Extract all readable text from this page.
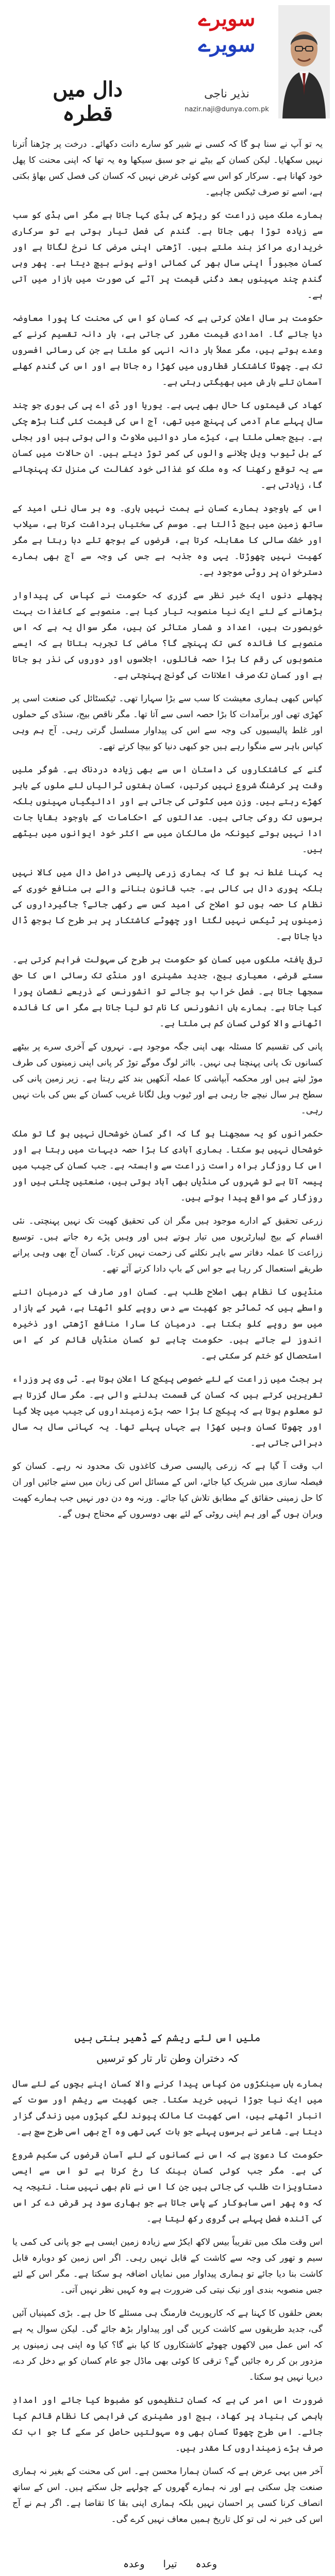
دال میں قطرہ
سویرے
سویرے
نذیر ناجی
nazir.naji@dunya.com.pk

یہ تو آپ نے سنا ہو گا کہ کسی نے شیر کو سارے دانت دکھائے۔ درخت پر چڑھنا اُترنا نہیں سکھایا۔ لیکن کسان کے بیٹے نے جو سبق سیکھا وہ یہ تھا کہ اپنی محنت کا پھل خود کھانا ہے۔ سرکار کو اس سے کوئی غرض نہیں کہ کسان کی فصل کس بھاؤ بکتی ہے، اسے تو صرف ٹیکس چاہیے۔

ہمارے ملک میں زراعت کو ریڑھ کی ہڈی کہا جاتا ہے مگر اسی ہڈی کو سب سے زیادہ توڑا بھی جاتا ہے۔ گندم کی فصل تیار ہوتی ہے تو سرکاری خریداری مراکز بند ملتے ہیں۔ آڑھتی اپنی مرضی کا نرخ لگاتا ہے اور کسان مجبوراً اپنی سال بھر کی کمائی اونے پونے بیچ دیتا ہے۔ پھر وہی گندم چند مہینوں بعد دگنی قیمت پر آٹے کی صورت میں بازار میں آتی ہے۔

حکومت ہر سال اعلان کرتی ہے کہ کسان کو اس کی محنت کا پورا معاوضہ دیا جائے گا۔ امدادی قیمت مقرر کی جاتی ہے، بار دانہ تقسیم کرنے کے وعدے ہوتے ہیں، مگر عملاً بار دانہ انہی کو ملتا ہے جن کی رسائی افسروں تک ہے۔ چھوٹا کاشتکار قطاروں میں کھڑا رہ جاتا ہے اور اس کی گندم کھلے آسمان تلے بارش میں بھیگتی رہتی ہے۔

کھاد کی قیمتوں کا حال بھی یہی ہے۔ یوریا اور ڈی اے پی کی بوری جو چند سال پہلے عام آدمی کی پہنچ میں تھی، آج اس کی قیمت کئی گنا بڑھ چکی ہے۔ بیج جعلی ملتا ہے، کیڑے مار دوائیں ملاوٹ والی ہوتی ہیں اور بجلی کے بل ٹیوب ویل چلانے والوں کی کمر توڑ دیتے ہیں۔ ان حالات میں کسان سے یہ توقع رکھنا کہ وہ ملک کو غذائی خود کفالت کی منزل تک پہنچائے گا، زیادتی ہے۔

اس کے باوجود ہمارے کسان نے ہمت نہیں ہاری۔ وہ ہر سال نئی امید کے ساتھ زمین میں بیج ڈالتا ہے۔ موسم کی سختیاں برداشت کرتا ہے، سیلاب اور خشک سالی کا مقابلہ کرتا ہے، قرضوں کے بوجھ تلے دبا رہتا ہے مگر کھیت نہیں چھوڑتا۔ یہی وہ جذبہ ہے جس کی وجہ سے آج بھی ہمارے دسترخوان پر روٹی موجود ہے۔

پچھلے دنوں ایک خبر نظر سے گزری کہ حکومت نے کپاس کی پیداوار بڑھانے کے لئے ایک نیا منصوبہ تیار کیا ہے۔ منصوبے کے کاغذات بہت خوبصورت ہیں، اعداد و شمار متاثر کن ہیں، مگر سوال یہ ہے کہ اس منصوبے کا فائدہ کس تک پہنچے گا؟ ماضی کا تجربہ بتاتا ہے کہ ایسے منصوبوں کی رقم کا بڑا حصہ فائلوں، اجلاسوں اور دوروں کی نذر ہو جاتا ہے اور کسان تک صرف اعلانات کی گونج پہنچتی ہے۔

کپاس کبھی ہماری معیشت کا سب سے بڑا سہارا تھی۔ ٹیکسٹائل کی صنعت اسی پر کھڑی تھی اور برآمدات کا بڑا حصہ اسی سے آتا تھا۔ مگر ناقص بیج، سنڈی کے حملوں اور غلط پالیسیوں کی وجہ سے اس کی پیداوار مسلسل گرتی رہی۔ آج ہم وہی کپاس باہر سے منگوا رہے ہیں جو کبھی دنیا کو بیچا کرتے تھے۔

گنے کے کاشتکاروں کی داستان اس سے بھی زیادہ دردناک ہے۔ شوگر ملیں وقت پر کرشنگ شروع نہیں کرتیں، کسان ہفتوں ٹرالیاں لئے ملوں کے باہر کھڑے رہتے ہیں۔ وزن میں کٹوتی کی جاتی ہے اور ادائیگیاں مہینوں بلکہ برسوں تک روکی جاتی ہیں۔ عدالتوں کے احکامات کے باوجود بقایا جات ادا نہیں ہوتے کیونکہ مل مالکان میں سے اکثر خود ایوانوں میں بیٹھے ہیں۔

یہ کہنا غلط نہ ہو گا کہ ہماری زرعی پالیسی دراصل دال میں کالا نہیں بلکہ پوری دال ہی کالی ہے۔ جب قانون بنانے والے ہی منافع خوری کے نظام کا حصہ ہوں تو اصلاح کی امید کس سے رکھی جائے؟ جاگیرداروں کی زمینوں پر ٹیکس نہیں لگتا اور چھوٹے کاشتکار پر ہر طرح کا بوجھ ڈال دیا جاتا ہے۔

ترقی یافتہ ملکوں میں کسان کو حکومت ہر طرح کی سہولت فراہم کرتی ہے۔ سستے قرضے، معیاری بیج، جدید مشینری اور منڈی تک رسائی اس کا حق سمجھا جاتا ہے۔ فصل خراب ہو جائے تو انشورنس کے ذریعے نقصان پورا کیا جاتا ہے۔ ہمارے ہاں انشورنس کا نام تو لیا جاتا ہے مگر اس کا فائدہ اٹھانے والا کوئی کسان کم ہی ملتا ہے۔

پانی کی تقسیم کا مسئلہ بھی اپنی جگہ موجود ہے۔ نہروں کے آخری سرے پر بیٹھے کسانوں تک پانی پہنچتا ہی نہیں۔ بااثر لوگ موگے توڑ کر پانی اپنی زمینوں کی طرف موڑ لیتے ہیں اور محکمہ آبپاشی کا عملہ آنکھیں بند کئے رہتا ہے۔ زیر زمین پانی کی سطح ہر سال نیچے جا رہی ہے اور ٹیوب ویل لگانا غریب کسان کے بس کی بات نہیں رہی۔

حکمرانوں کو یہ سمجھنا ہو گا کہ اگر کسان خوشحال نہیں ہو گا تو ملک خوشحال نہیں ہو سکتا۔ ہماری آبادی کا بڑا حصہ دیہات میں رہتا ہے اور اس کا روزگار براہ راست زراعت سے وابستہ ہے۔ جب کسان کی جیب میں پیسہ آتا ہے تو شہروں کی منڈیاں بھی آباد ہوتی ہیں، صنعتیں چلتی ہیں اور روزگار کے مواقع پیدا ہوتے ہیں۔

زرعی تحقیق کے ادارے موجود ہیں مگر ان کی تحقیق کھیت تک نہیں پہنچتی۔ نئی اقسام کے بیج لیبارٹریوں میں تیار ہوتے ہیں اور وہیں پڑے رہ جاتے ہیں۔ توسیع زراعت کا عملہ دفاتر سے باہر نکلنے کی زحمت نہیں کرتا۔ کسان آج بھی وہی پرانے طریقے استعمال کر رہا ہے جو اس کے باپ دادا کرتے آئے تھے۔

منڈیوں کا نظام بھی اصلاح طلب ہے۔ کسان اور صارف کے درمیان اتنے واسطے ہیں کہ ٹماٹر جو کھیت سے دس روپے کلو اٹھتا ہے، شہر کے بازار میں سو روپے کلو بکتا ہے۔ درمیان کا سارا منافع آڑھتی اور ذخیرہ اندوز لے جاتے ہیں۔ حکومت چاہے تو کسان منڈیاں قائم کر کے اس استحصال کو ختم کر سکتی ہے۔

ہر بجٹ میں زراعت کے لئے خصوصی پیکج کا اعلان ہوتا ہے۔ ٹی وی پر وزراء تقریریں کرتے ہیں کہ کسان کی قسمت بدلنے والی ہے۔ مگر سال گزرتا ہے تو معلوم ہوتا ہے کہ پیکج کا بڑا حصہ بڑے زمینداروں کی جیب میں چلا گیا اور چھوٹا کسان وہیں کھڑا ہے جہاں پہلے تھا۔ یہ کہانی سال بہ سال دہرائی جاتی ہے۔

اب وقت آ گیا ہے کہ زرعی پالیسی صرف کاغذوں تک محدود نہ رہے۔ کسان کو فیصلہ سازی میں شریک کیا جائے، اس کے مسائل اس کی زبان میں سنے جائیں اور ان کا حل زمینی حقائق کے مطابق تلاش کیا جائے۔ ورنہ وہ دن دور نہیں جب ہمارے کھیت ویران ہوں گے اور ہم اپنی روٹی کے لئے بھی دوسروں کے محتاج ہوں گے۔

ملیں اس لئے ریشم کے ڈھیر بنتی ہیں
کہ دختران وطن تار تار کو ترسیں

ہمارے ہاں سینکڑوں من کپاس پیدا کرنے والا کسان اپنے بچوں کے لئے سال میں ایک نیا جوڑا نہیں خرید سکتا۔ جس کھیت سے ریشم اور سوت کے انبار اٹھتے ہیں، اسی کھیت کا مالک پیوند لگے کپڑوں میں زندگی گزار دیتا ہے۔ شاعر نے برسوں پہلے جو بات کہی تھی وہ آج بھی اسی طرح سچ ہے۔

حکومت کا دعویٰ ہے کہ اس نے کسانوں کے لئے آسان قرضوں کی سکیم شروع کی ہے۔ مگر جب کوئی کسان بینک کا رخ کرتا ہے تو اس سے ایسی دستاویزات طلب کی جاتی ہیں جن کا اس نے نام بھی نہیں سنا۔ نتیجہ یہ کہ وہ پھر اسی ساہوکار کے پاس جاتا ہے جو بھاری سود پر قرض دے کر اس کی آئندہ فصل پہلے ہی گروی رکھ لیتا ہے۔

اس وقت ملک میں تقریباً بیس لاکھ ایکڑ سے زیادہ زمین ایسی ہے جو پانی کی کمی یا سیم و تھور کی وجہ سے کاشت کے قابل نہیں رہی۔ اگر اس زمین کو دوبارہ قابل کاشت بنا دیا جائے تو ہماری پیداوار میں نمایاں اضافہ ہو سکتا ہے۔ مگر اس کے لئے جس منصوبہ بندی اور نیک نیتی کی ضرورت ہے وہ کہیں نظر نہیں آتی۔

بعض حلقوں کا کہنا ہے کہ کارپوریٹ فارمنگ ہی مسئلے کا حل ہے۔ بڑی کمپنیاں آئیں گی، جدید طریقوں سے کاشت کریں گی اور پیداوار بڑھ جائے گی۔ لیکن سوال یہ ہے کہ اس عمل میں لاکھوں چھوٹے کاشتکاروں کا کیا بنے گا؟ کیا وہ اپنی ہی زمینوں پر مزدور بن کر رہ جائیں گے؟ ترقی کا کوئی بھی ماڈل جو عام کسان کو بے دخل کر دے، دیرپا نہیں ہو سکتا۔

ضرورت اس امر کی ہے کہ کسان تنظیموں کو مضبوط کیا جائے اور امدادِ باہمی کی بنیاد پر کھاد، بیج اور مشینری کی فراہمی کا نظام قائم کیا جائے۔ اس طرح چھوٹا کسان بھی وہ سہولتیں حاصل کر سکے گا جو اب تک صرف بڑے زمینداروں کا مقدر ہیں۔

آخر میں یہی عرض ہے کہ کسان ہمارا محسن ہے۔ اس کی محنت کے بغیر نہ ہماری صنعت چل سکتی ہے اور نہ ہمارے گھروں کے چولہے جل سکتے ہیں۔ اس کے ساتھ انصاف کرنا کسی پر احسان نہیں بلکہ ہماری اپنی بقا کا تقاضا ہے۔ اگر ہم نے آج اس کی خبر نہ لی تو کل تاریخ ہمیں معاف نہیں کرے گی۔

وعدہ تیرا وعدہ
